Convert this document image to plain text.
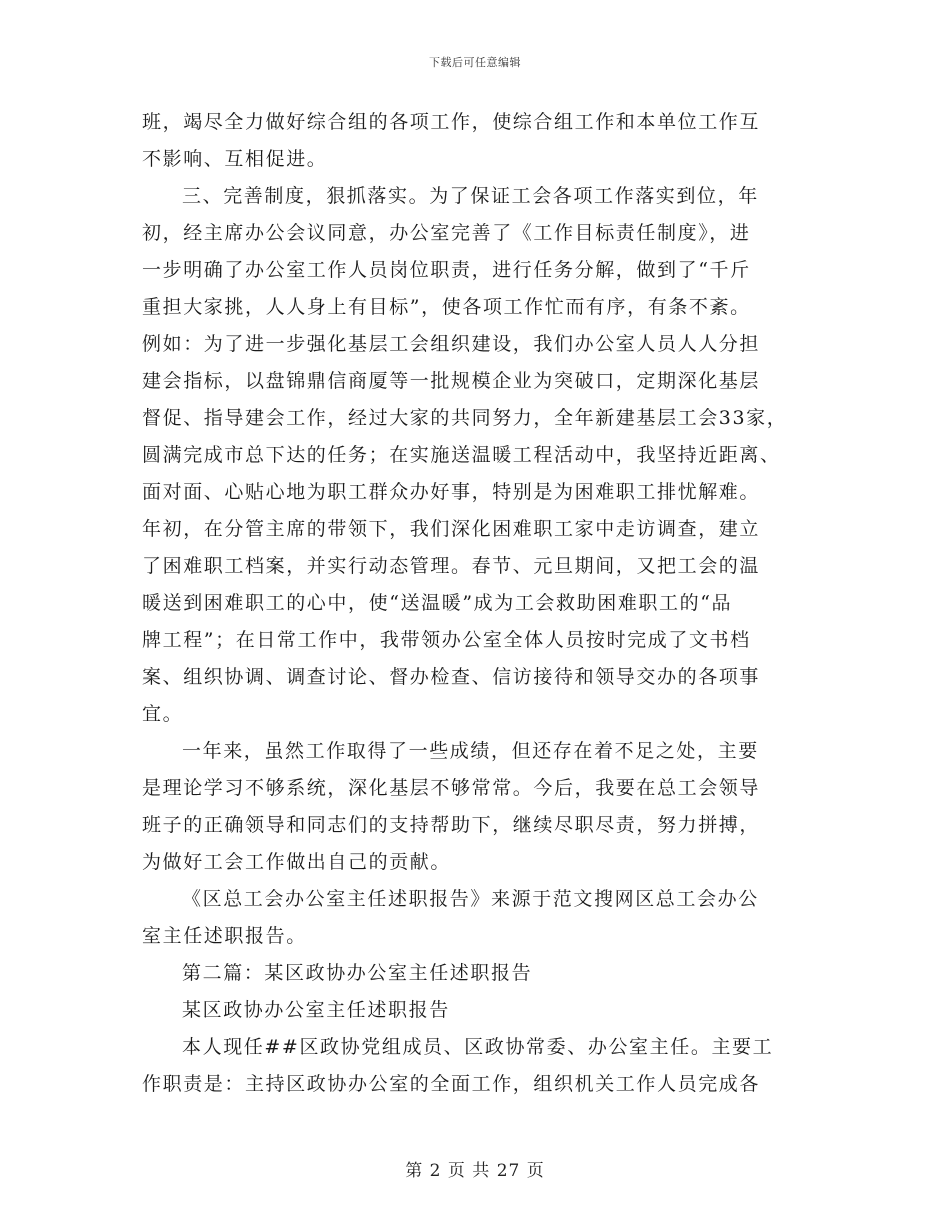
下载后可任意编辑
班，竭尽全力做好综合组的各项工作，使综合组工作和本单位工作互
不影响、互相促进。
三、完善制度，狠抓落实。为了保证工会各项工作落实到位，年
初，经主席办公会议同意，办公室完善了《工作目标责任制度》，进
一步明确了办公室工作人员岗位职责，进行任务分解，做到了“千斤
重担大家挑，人人身上有目标”，使各项工作忙而有序，有条不紊。
例如：为了进一步强化基层工会组织建设，我们办公室人员人人分担
建会指标，以盘锦鼎信商厦等一批规模企业为突破口，定期深化基层
督促、指导建会工作，经过大家的共同努力，全年新建基层工会33家，
圆满完成市总下达的任务；在实施送温暖工程活动中，我坚持近距离、
面对面、心贴心地为职工群众办好事，特别是为困难职工排忧解难。
年初，在分管主席的带领下，我们深化困难职工家中走访调查，建立
了困难职工档案，并实行动态管理。春节、元旦期间，又把工会的温
暖送到困难职工的心中，使“送温暖”成为工会救助困难职工的“品
牌工程”；在日常工作中，我带领办公室全体人员按时完成了文书档
案、组织协调、调查讨论、督办检查、信访接待和领导交办的各项事
宜。
一年来，虽然工作取得了一些成绩，但还存在着不足之处，主要
是理论学习不够系统，深化基层不够常常。今后，我要在总工会领导
班子的正确领导和同志们的支持帮助下，继续尽职尽责，努力拼搏，
为做好工会工作做出自己的贡献。
《区总工会办公室主任述职报告》来源于范文搜网区总工会办公
室主任述职报告。
第二篇：某区政协办公室主任述职报告
某区政协办公室主任述职报告
本人现任##区政协党组成员、区政协常委、办公室主任。主要工
作职责是：主持区政协办公室的全面工作，组织机关工作人员完成各
第 2 页 共 27 页
